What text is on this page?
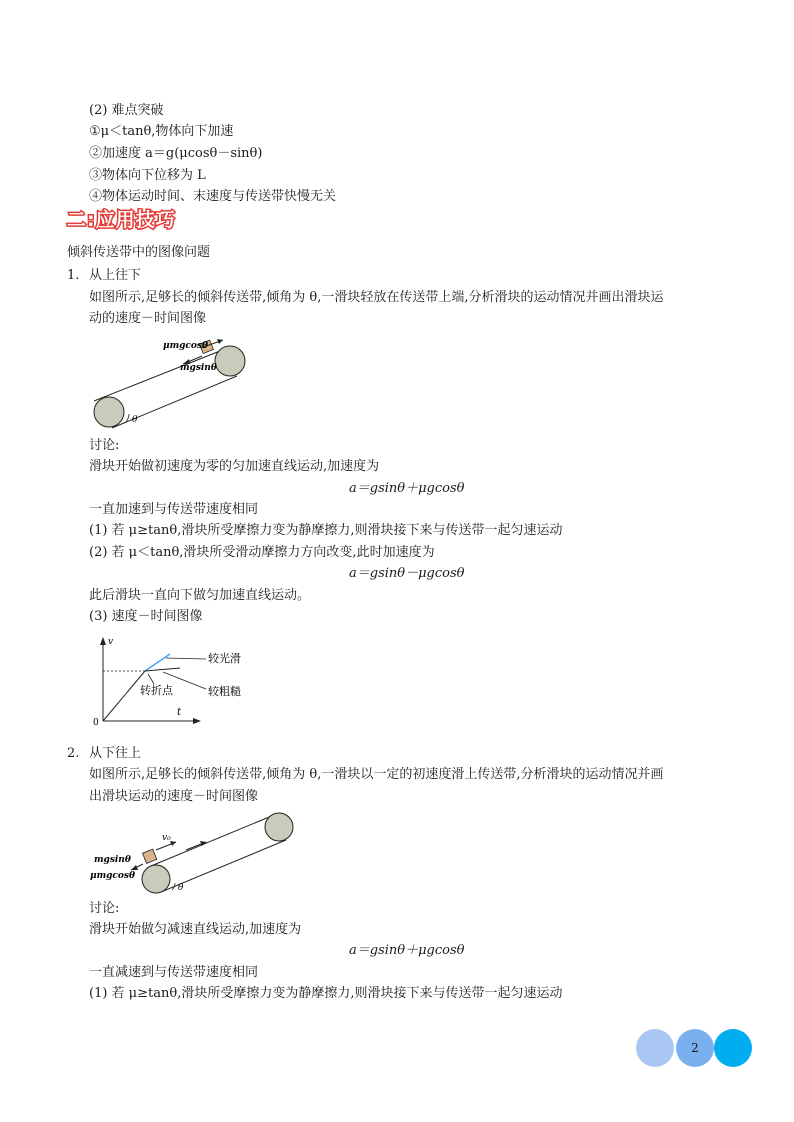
(2) 难点突破
①μ＜tanθ,物体向下加速
②加速度 a＝g(μcosθ－sinθ)
③物体向下位移为 L
④物体运动时间、末速度与传送带快慢无关
二:应用技巧
倾斜传送带中的图像问题
1. 从上往下
如图所示,足够长的倾斜传送带,倾角为 θ,一滑块轻放在传送带上端,分析滑块的运动情况并画出滑块运
动的速度－时间图像
μmgcosθ
mgsinθ
θ
讨论:
滑块开始做初速度为零的匀加速直线运动,加速度为
a＝gsinθ＋μgcosθ
一直加速到与传送带速度相同
(1) 若 μ≥tanθ,滑块所受摩擦力变为静摩擦力,则滑块接下来与传送带一起匀速运动
(2) 若 μ＜tanθ,滑块所受滑动摩擦力方向改变,此时加速度为
a＝gsinθ－μgcosθ
此后滑块一直向下做匀加速直线运动。
(3) 速度－时间图像
v
t
0
较光滑
转折点	较粗糙
2. 从下往上
如图所示,足够长的倾斜传送带,倾角为 θ,一滑块以一定的初速度滑上传送带,分析滑块的运动情况并画
出滑块运动的速度－时间图像
v₀
mgsinθ
μmgcosθ
θ
讨论:
滑块开始做匀减速直线运动,加速度为
a＝gsinθ＋μgcosθ
一直减速到与传送带速度相同
(1) 若 μ≥tanθ,滑块所受摩擦力变为静摩擦力,则滑块接下来与传送带一起匀速运动
2
